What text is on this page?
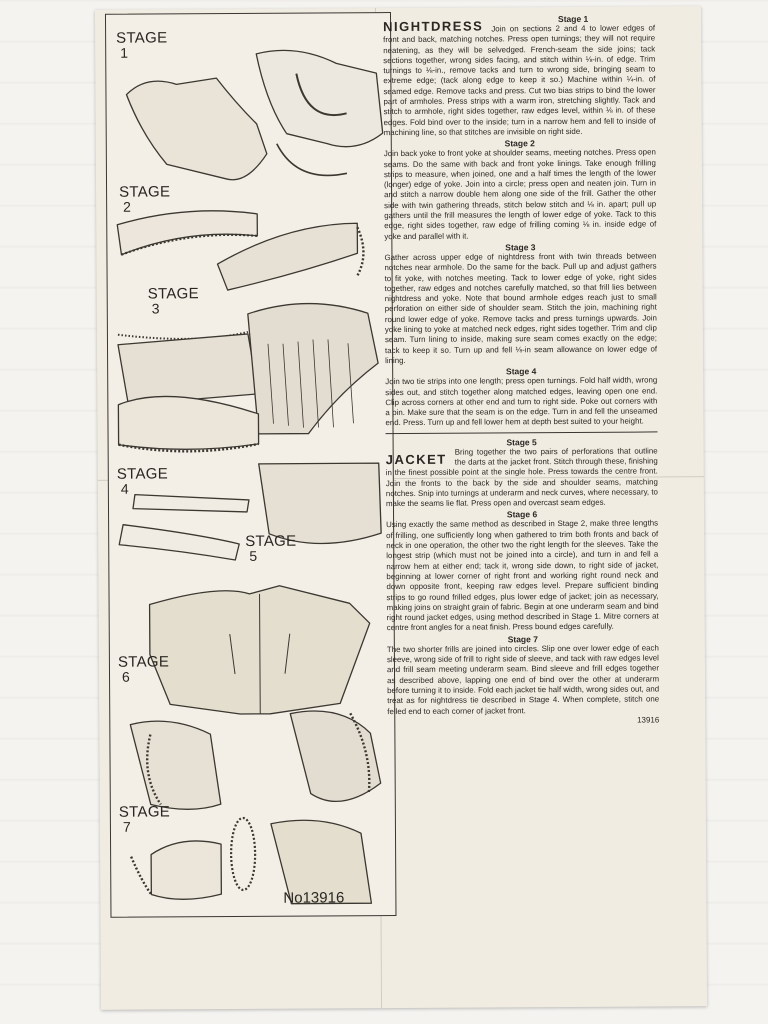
STAGE
1
STAGE
2
STAGE
3
STAGE
4
STAGE
5
STAGE
6
STAGE
7
No13916
NIGHTDRESS	Stage 1

Join on sections 2 and 4 to lower edges of front and back, matching notches. Press open turnings; they will not require neatening, as they will be selvedged. French-seam the side joins; tack sections together, wrong sides facing, and stitch within ⅛-in. of edge. Trim turnings to ⅛-in., remove tacks and turn to wrong side, bringing seam to extreme edge; (tack along edge to keep it so.) Machine within ¼-in. of seamed edge. Remove tacks and press. Cut two bias strips to bind the lower part of armholes. Press strips with a warm iron, stretching slightly. Tack and stitch to armhole, right sides together, raw edges level, within ⅛ in. of these edges. Fold bind over to the inside; turn in a narrow hem and fell to inside of machining line, so that stitches are invisible on right side.

Stage 2

Join back yoke to front yoke at shoulder seams, meeting notches. Press open seams. Do the same with back and front yoke linings. Take enough frilling strips to measure, when joined, one and a half times the length of the lower (longer) edge of yoke. Join into a circle; press open and neaten join. Turn in and stitch a narrow double hem along one side of the frill. Gather the other side with twin gathering threads, stitch below stitch and ⅛ in. apart; pull up gathers until the frill measures the length of lower edge of yoke. Tack to this edge, right sides together, raw edge of frilling coming ⅛ in. inside edge of yoke and parallel with it.

Stage 3

Gather across upper edge of nightdress front with twin threads between notches near armhole. Do the same for the back. Pull up and adjust gathers to fit yoke, with notches meeting. Tack to lower edge of yoke, right sides together, raw edges and notches carefully matched, so that frill lies between nightdress and yoke. Note that bound armhole edges reach just to small perforation on either side of shoulder seam. Stitch the join, machining right round lower edge of yoke. Remove tacks and press turnings upwards. Join yoke lining to yoke at matched neck edges, right sides together. Trim and clip seam. Turn lining to inside, making sure seam comes exactly on the edge; tack to keep it so. Turn up and fell ⅛-in seam allowance on lower edge of lining.

Stage 4

Join two tie strips into one length; press open turnings. Fold half width, wrong sides out, and stitch together along matched edges, leaving open one end. Clip across corners at other end and turn to right side. Poke out corners with a pin. Make sure that the seam is on the edge. Turn in and fell the unseamed end. Press. Turn up and fell lower hem at depth best suited to your height.

Stage 5
JACKET

Bring together the two pairs of perforations that outline the darts at the jacket front. Stitch through these, finishing in the finest possible point at the single hole. Press towards the centre front. Join the fronts to the back by the side and shoulder seams, matching notches. Snip into turnings at underarm and neck curves, where necessary, to make the seams lie flat. Press open and overcast seam edges.

Stage 6

Using exactly the same method as described in Stage 2, make three lengths of frilling, one sufficiently long when gathered to trim both fronts and back of neck in one operation, the other two the right length for the sleeves. Take the longest strip (which must not be joined into a circle), and turn in and fell a narrow hem at either end; tack it, wrong side down, to right side of jacket, beginning at lower corner of right front and working right round neck and down opposite front, keeping raw edges level. Prepare sufficient binding strips to go round frilled edges, plus lower edge of jacket; join as necessary, making joins on straight grain of fabric. Begin at one underarm seam and bind right round jacket edges, using method described in Stage 1. Mitre corners at centre front angles for a neat finish. Press bound edges carefully.

Stage 7

The two shorter frills are joined into circles. Slip one over lower edge of each sleeve, wrong side of frill to right side of sleeve, and tack with raw edges level and frill seam meeting underarm seam. Bind sleeve and frill edges together as described above, lapping one end of bind over the other at underarm before turning it to inside. Fold each jacket tie half width, wrong sides out, and treat as for nightdress tie described in Stage 4. When complete, stitch one felled end to each corner of jacket front.

13916
